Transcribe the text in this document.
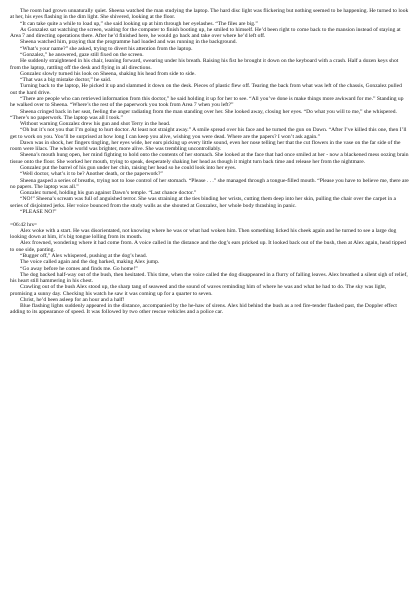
The room had grown unnaturally quiet. Sheena watched the man studying the laptop. The hard disc light was flickering but nothing seemed to be happening. He turned to look at her, his eyes flashing in the dim light. She shivered, looking at the floor.

“It can take quite a while to load up,” she said looking up at him through her eyelashes. “The files are big.”

As Gonzalez sat watching the screen, waiting for the computer to finish booting up, he smiled to himself. He’d been right to come back to the mansion instead of staying at Area 7 and directing operations there. After he’d finished here, he would go back and take over where he’d left off.

Sheena watched him, praying that the programme had loaded and was running in the background.

“What’s your name?” she asked, trying to divert his attention from the laptop.

“Gonzalez,” he answered, gaze still fixed on the screen.

He suddenly straightened in his chair, leaning forward, swearing under his breath. Raising his fist he brought it down on the keyboard with a crash. Half a dozen keys shot from the laptop, rattling off the desk and flying in all directions.

Gonzalez slowly turned his look on Sheena, shaking his head from side to side.

“That was a big mistake doctor,” he said.

Turning back to the laptop, He picked it up and slammed it down on the desk. Pieces of plastic flew off. Tearing the back from what was left of the chassis, Gonzalez pulled out the hard drive.

“There are people who can retrieved information from this doctor,” he said holding it up for her to see. “All you’ve done is make things more awkward for me.” Standing up he walked over to Sheena. “Where’s the rest of the paperwork you took from Area 7 when you left?”

Sheena cringed back in her seat, feeling the anger radiating from the man standing over her. She looked away, closing her eyes. “Do what you will to me,” she whispered. “There’s no paperwork. The laptop was all I took.”

Without warning Gonzalez drew his gun and shot Terry in the head.

“Oh but it’s not you that I’m going to hurt doctor. At least not straight away.” A smile spread over his face and he turned the gun on Dawn. “After I’ve killed this one, then I’ll get to work on you. You’ll be surprised at how long I can keep you alive, wishing you were dead. Where are the papers? I won’t ask again.”

Dawn was in shock, her fingers tingling, her eyes wide, her ears picking up every little sound, even her nose telling her that the cut flowers in the vase on the far side of the room were lilacs. The whole world was brighter, more alive. She was trembling uncontrollably.

Sheena’s mouth hung open, her mind fighting to hold onto the contents of her stomach. She looked at the face that had once smiled at her - now a blackened mess oozing brain tissue onto the floor. She worked her mouth, trying to speak, desperately shaking her head as though it might turn back time and release her from the nightmare.

Gonzalez put the barrel of his gun under her chin, raising her head so he could look into her eyes.

“Well doctor, what’s it to be? Another death, or the paperwork?”

Sheena gasped a series of breaths, trying not to lose control of her stomach. “Please . . .” she managed through a tongue-filled mouth. “Please you have to believe me, there are no papers. The laptop was all.”

Gonzalez turned, holding his gun against Dawn’s temple. “Last chance doctor.”

“NO!” Sheena’s scream was full of anguished terror. She was straining at the ties binding her wrists, cutting them deep into her skin, pulling the chair over the carpet in a series of disjointed jerks. Her voice bounced from the study walls as she shouted at Gonzalez, her whole body thrashing in panic.

“PLEASE NO!”

=06:42 hrs=

Alex woke with a start. He was disorientated, not knowing where he was or what had woken him. Then something licked his cheek again and he turned to see a large dog looking down at him, it’s big tongue lolling from its mouth.

Alex frowned, wondering where it had come from. A voice called in the distance and the dog’s ears pricked up. It looked back out of the bush, then at Alex again, head tipped to one side, panting.

“Bugger off,” Alex whispered, pushing at the dog’s head.

The voice called again and the dog barked, making Alex jump.

“Go away before he comes and finds me. Go home!”

The dog backed half-way out of the bush, then hesitated. This time, when the voice called the dog disappeared in a flurry of falling leaves. Alex breathed a silent sigh of relief, his heart still hammering in his chest.

Crawling out of the bush Alex stood up, the sharp tang of seaweed and the sound of waves reminding him of where he was and what he had to do. The sky was light, promising a sunny day. Checking his watch he saw it was coming up for a quarter to seven.

Christ, he’d been asleep for an hour and a half!

Blue flashing lights suddenly appeared in the distance, accompanied by the he-haw of sirens. Alex hid behind the bush as a red fire-tender flashed past, the Doppler effect adding to its appearance of speed. It was followed by two other rescue vehicles and a police car.
